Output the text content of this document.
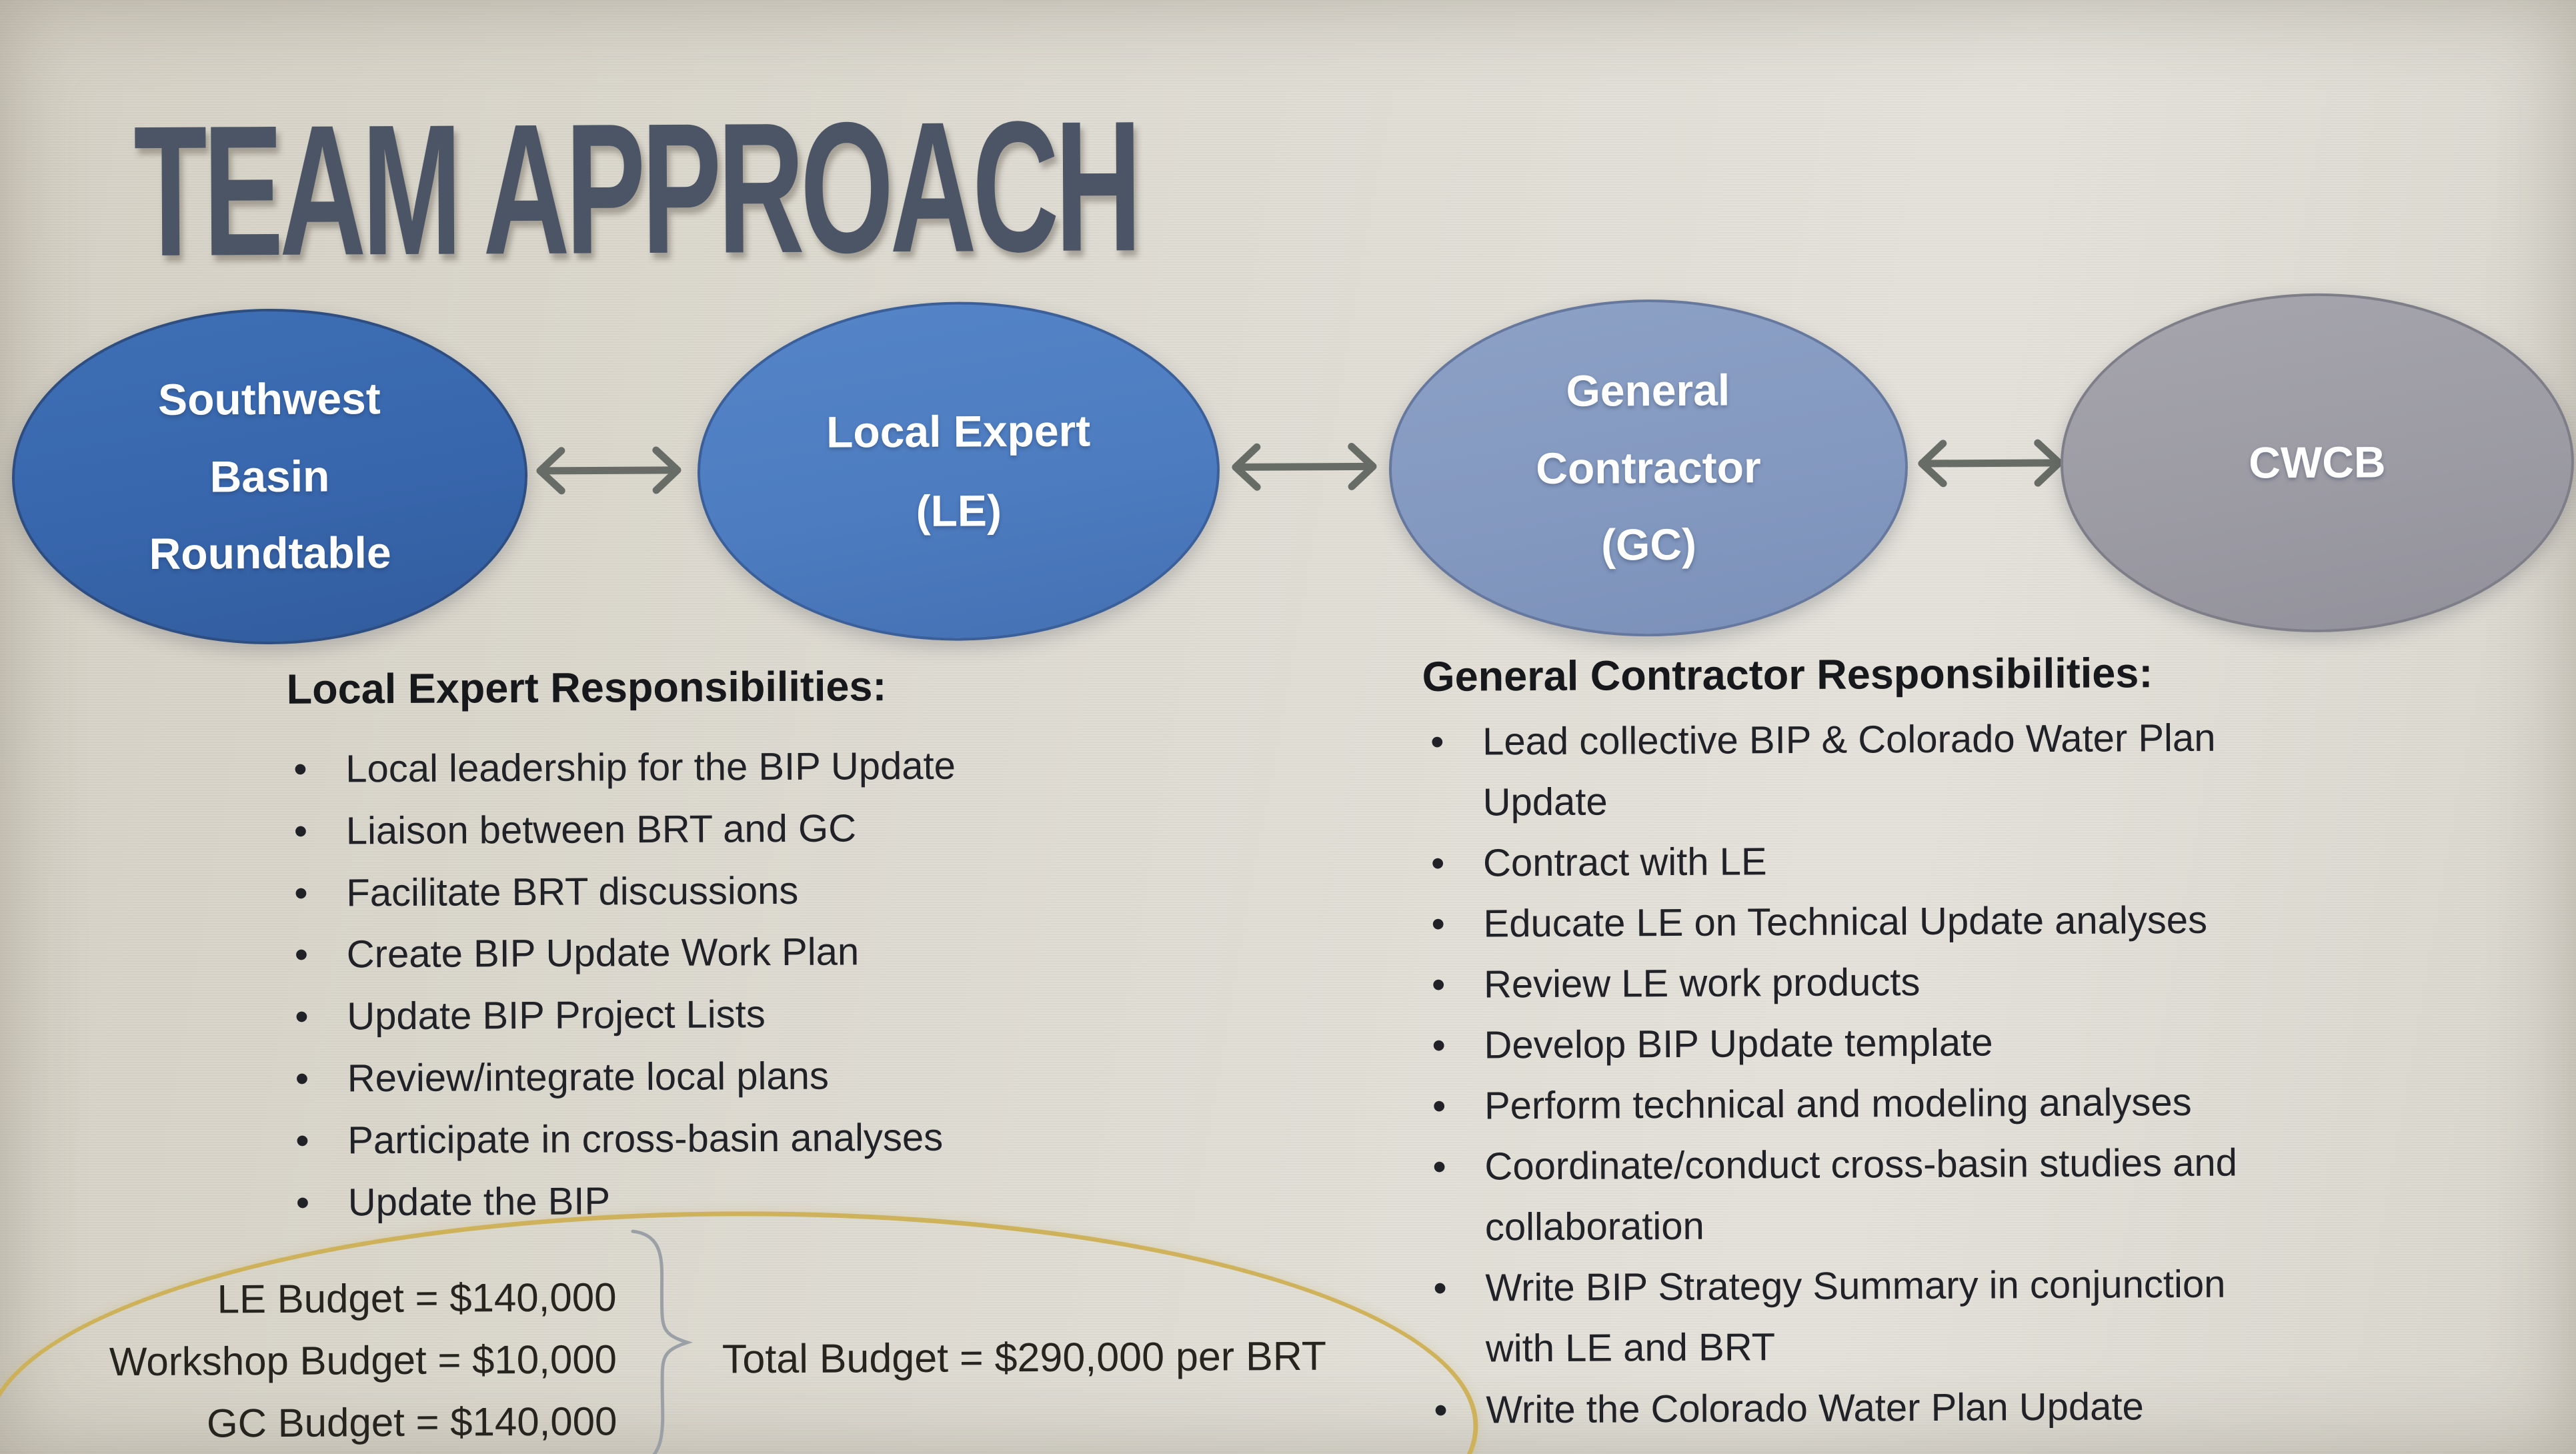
TEAM APPROACH
Southwest
Basin
Roundtable
Local Expert
(LE)
General
Contractor
(GC)
CWCB
Local Expert Responsibilities:
• Local leadership for the BIP Update
• Liaison between BRT and GC
• Facilitate BRT discussions
• Create BIP Update Work Plan
• Update BIP Project Lists
• Review/integrate local plans
• Participate in cross-basin analyses
• Update the BIP
General Contractor Responsibilities:
• Lead collective BIP & Colorado Water Plan
Update
• Contract with LE
• Educate LE on Technical Update analyses
• Review LE work products
• Develop BIP Update template
• Perform technical and modeling analyses
• Coordinate/conduct cross-basin studies and
collaboration
• Write BIP Strategy Summary in conjunction
with LE and BRT
• Write the Colorado Water Plan Update
LE Budget = $140,000
Workshop Budget = $10,000
GC Budget = $140,000
Total Budget = $290,000 per BRT
